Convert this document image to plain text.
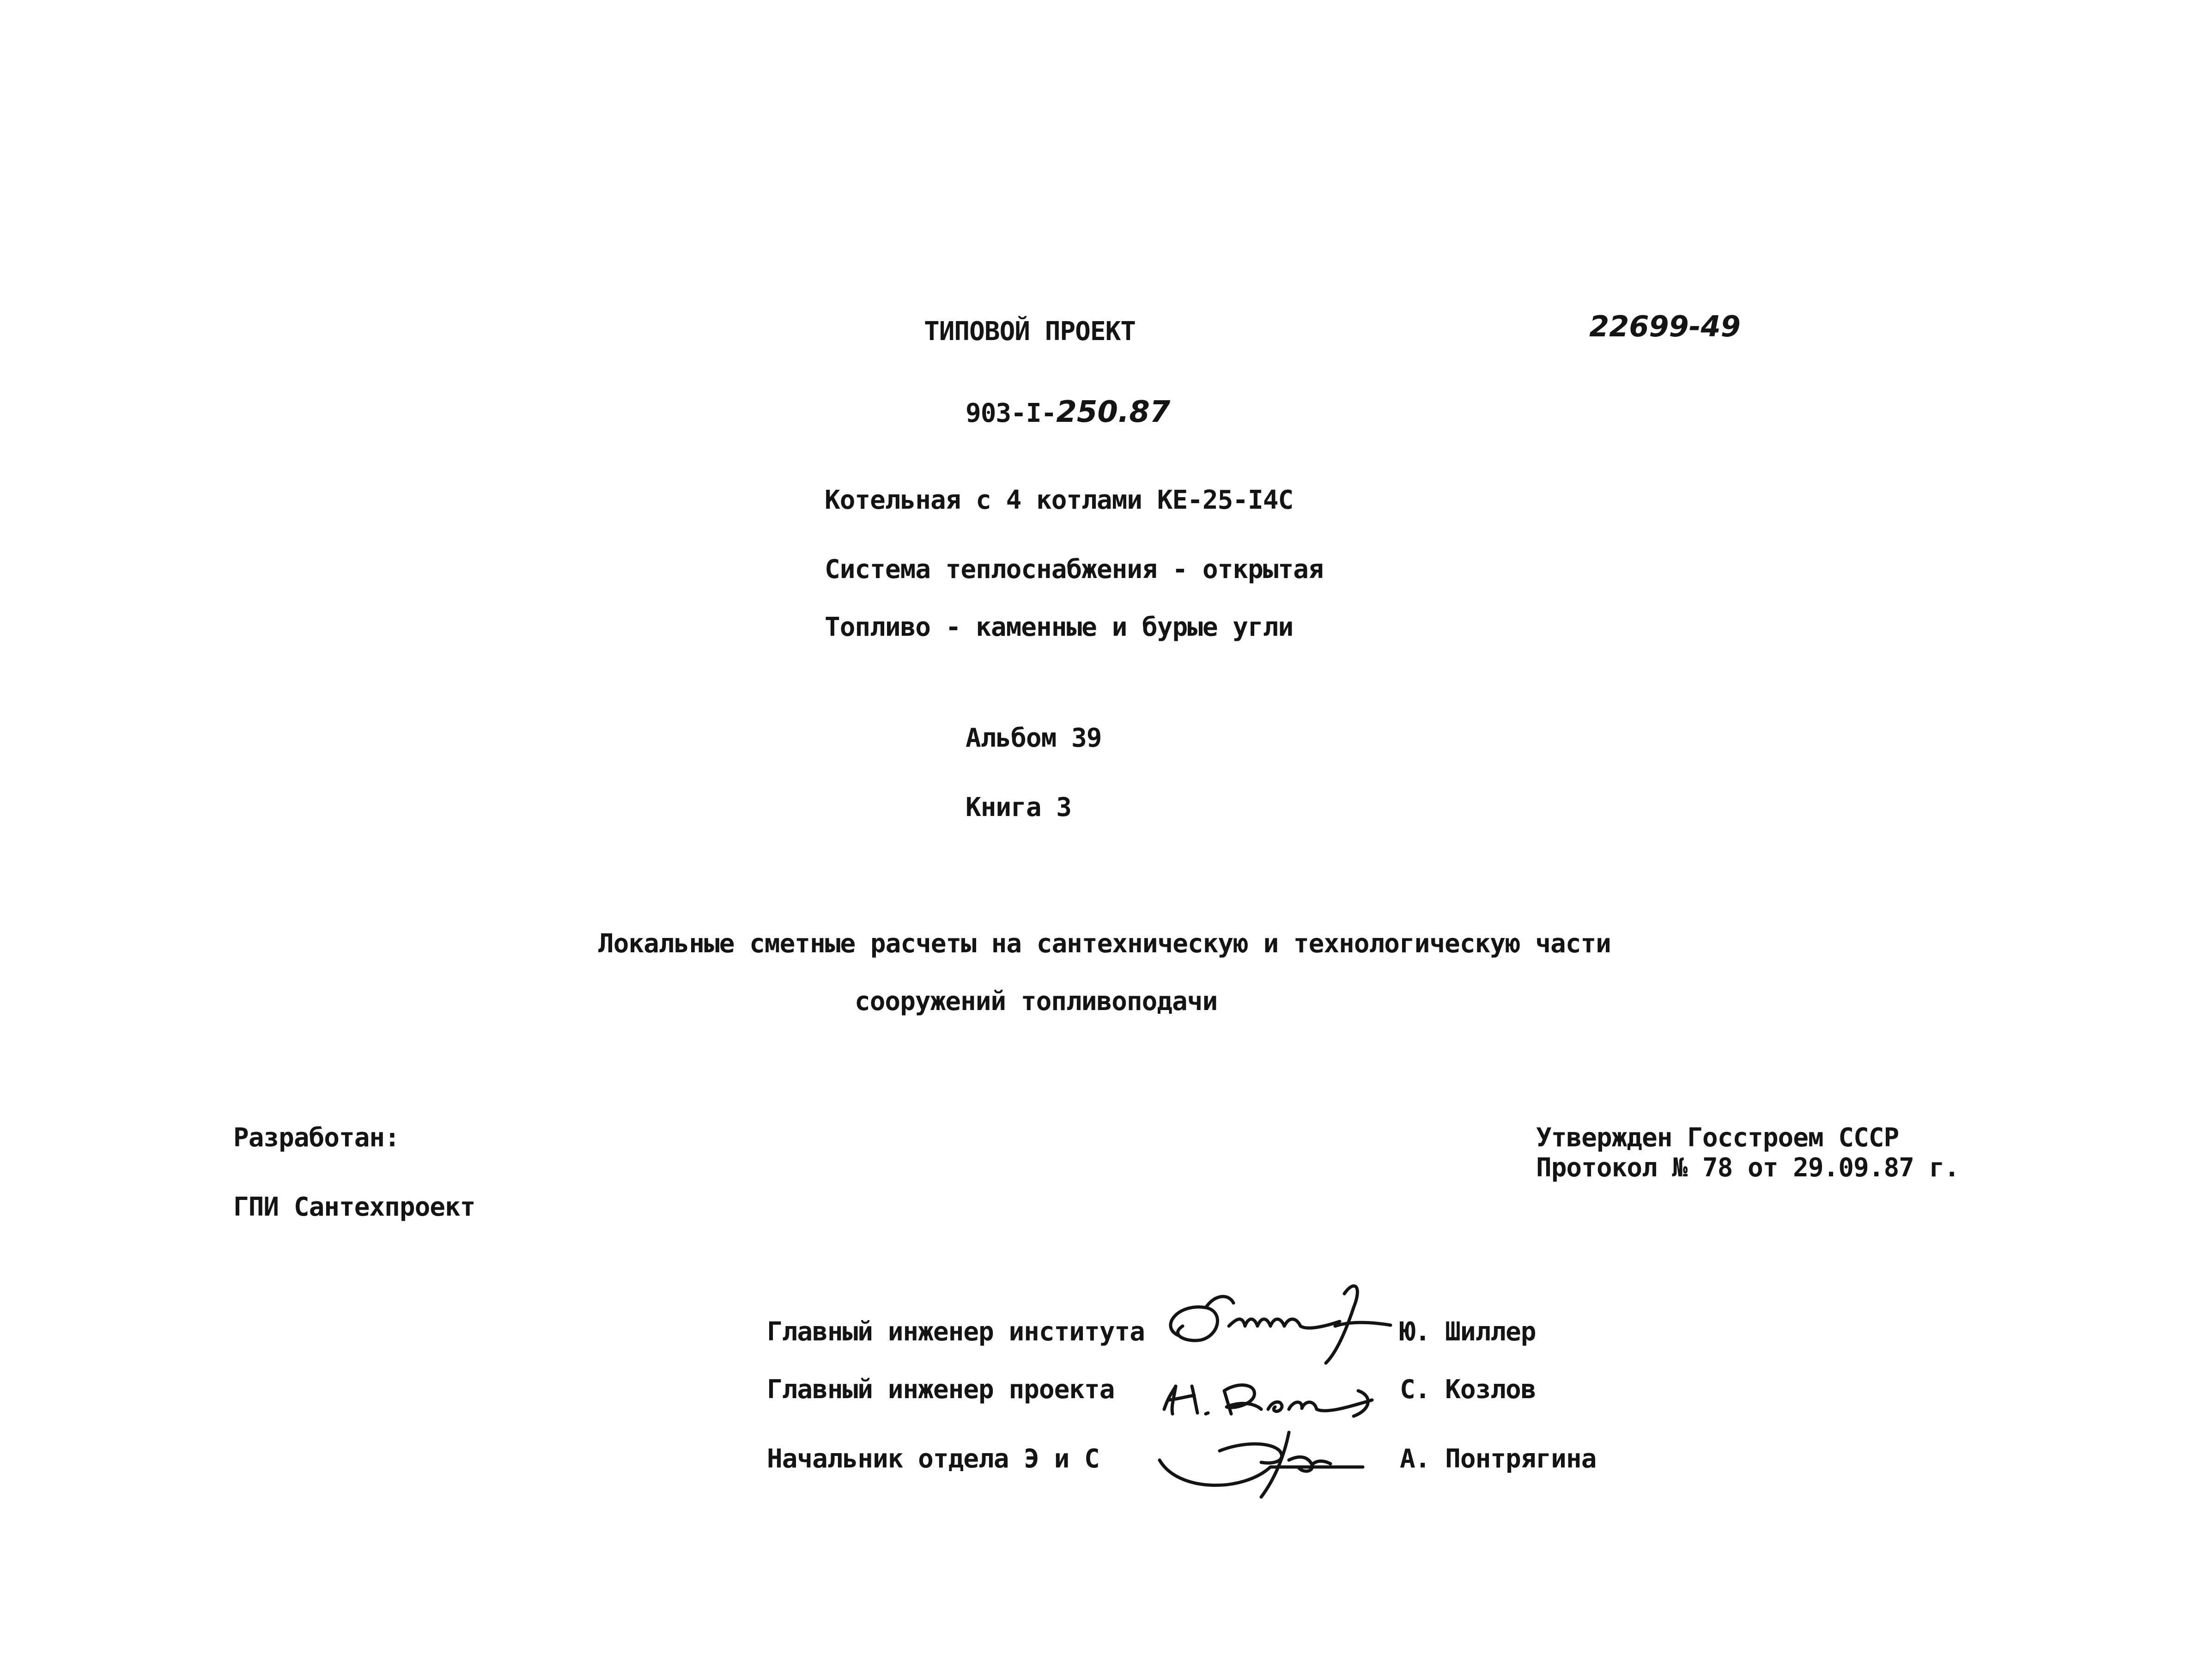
ТИПОВОЙ ПРОЕКТ	22699-49
903-I-250.87
Котельная с 4 котлами КЕ-25-I4С
Система теплоснабжения - открытая
Топливо - каменные и бурые угли
Альбом 39
Книга 3
Локальные сметные расчеты на сантехническую и технологическую части
сооружений топливоподачи
Разработан:
ГПИ Сантехпроект
Утвержден Госстроем СССР
Протокол № 78 от 29.09.87 г.
Главный инженер института	Ю. Шиллер
Главный инженер проекта	С. Козлов
Начальник отдела Э и С	А. Понтрягина
